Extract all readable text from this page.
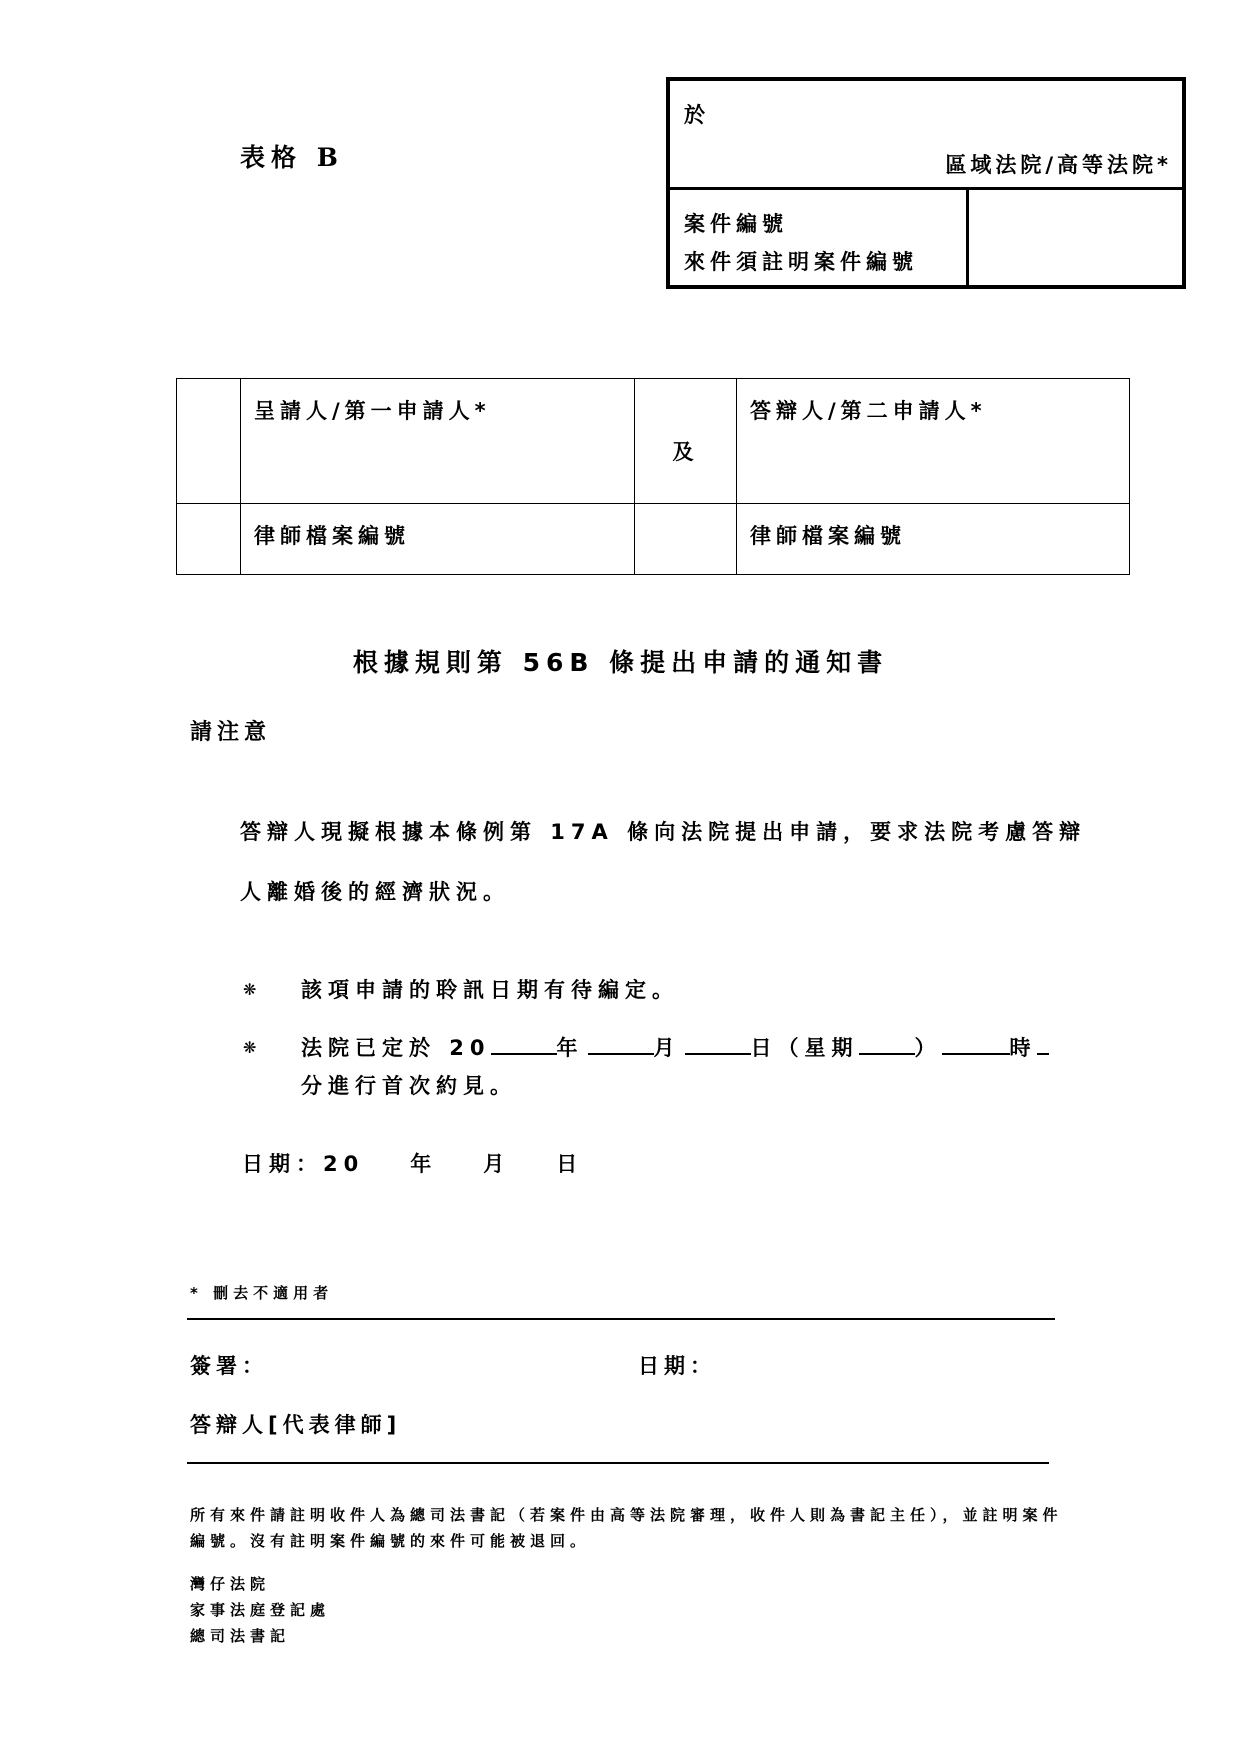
表格 B
於
區域法院/高等法院*
案件編號
來件須註明案件編號
	呈請人/第一申請人*	及	答辯人/第二申請人*
	律師檔案編號		律師檔案編號
根據規則第 56B 條提出申請的通知書
請注意
答辯人現擬根據本條例第 17A 條向法院提出申請，要求法院考慮答辯
人離婚後的經濟狀況。
❋ 該項申請的聆訊日期有待編定。
❋ 法院已定於 20	年	月	日（星期	）	時
分進行首次約見。
日期：20 年 月 日
* 刪去不適用者
簽署：	日期：
答辯人[代表律師]
所有來件請註明收件人為總司法書記（若案件由高等法院審理，收件人則為書記主任），並註明案件編號。沒有註明案件編號的來件可能被退回。
灣仔法院
家事法庭登記處
總司法書記
